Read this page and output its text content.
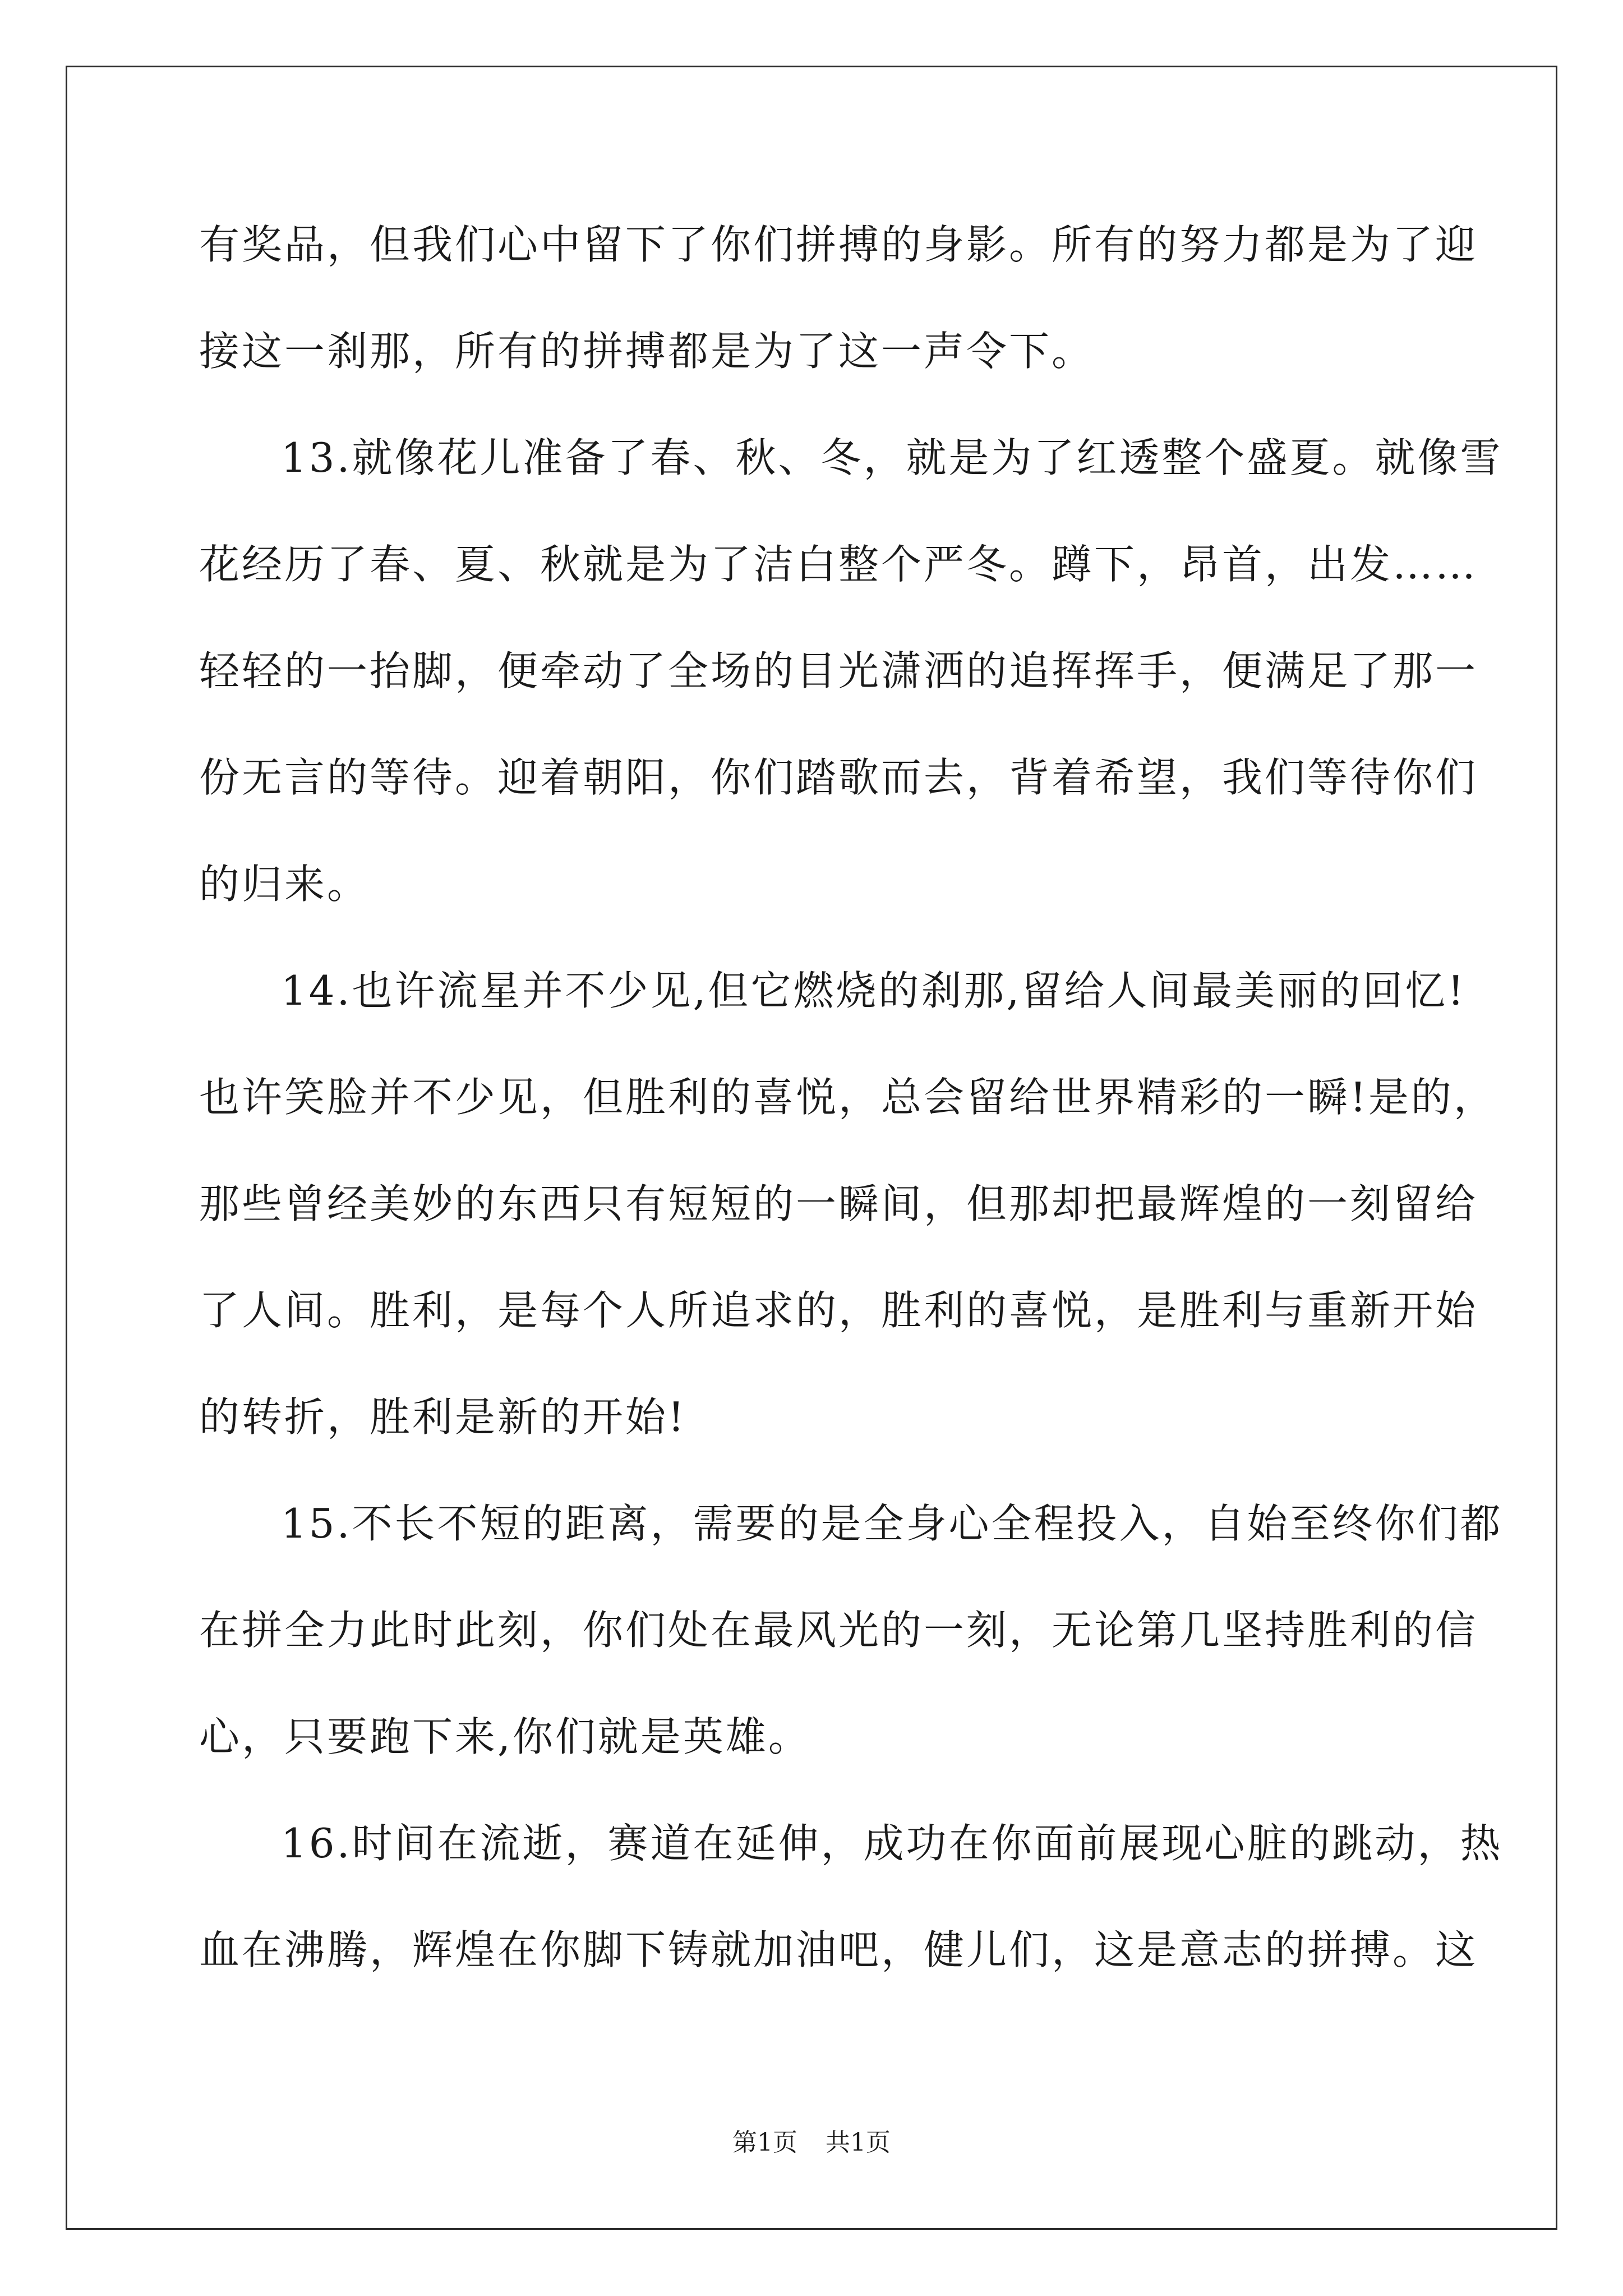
有奖品，但我们心中留下了你们拼搏的身影。所有的努力都是为了迎
接这一刹那，所有的拼搏都是为了这一声令下。
13.就像花儿准备了春、秋、冬，就是为了红透整个盛夏。就像雪
花经历了春、夏、秋就是为了洁白整个严冬。蹲下，昂首，出发……
轻轻的一抬脚，便牵动了全场的目光潇洒的追挥挥手，便满足了那一
份无言的等待。迎着朝阳，你们踏歌而去，背着希望，我们等待你们
的归来。
14.也许流星并不少见,但它燃烧的刹那,留给人间最美丽的回忆!
也许笑脸并不少见，但胜利的喜悦，总会留给世界精彩的一瞬!是的，
那些曾经美妙的东西只有短短的一瞬间，但那却把最辉煌的一刻留给
了人间。胜利，是每个人所追求的，胜利的喜悦，是胜利与重新开始
的转折，胜利是新的开始!
15.不长不短的距离，需要的是全身心全程投入，自始至终你们都
在拼全力此时此刻，你们处在最风光的一刻，无论第几坚持胜利的信
心，只要跑下来,你们就是英雄。
16.时间在流逝，赛道在延伸，成功在你面前展现心脏的跳动，热
血在沸腾，辉煌在你脚下铸就加油吧，健儿们，这是意志的拼搏。这
第1页 共1页
